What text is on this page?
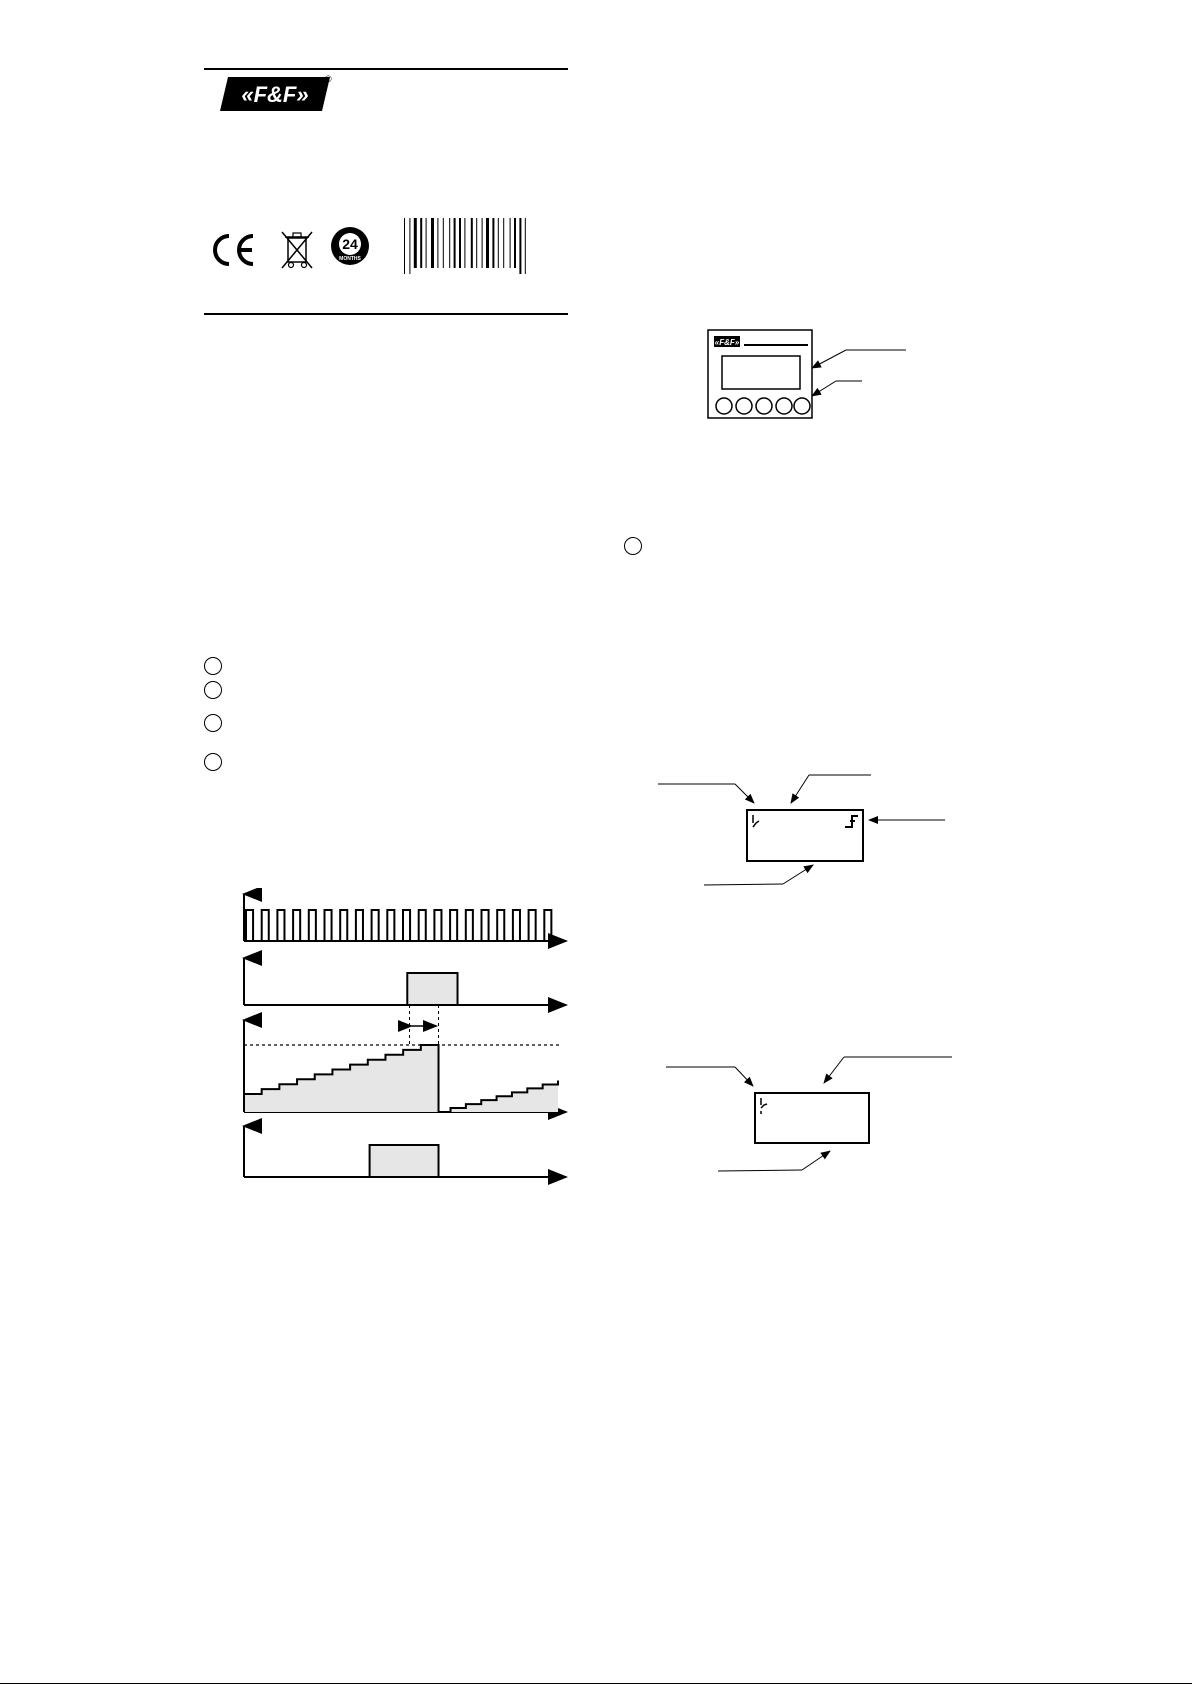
«F&F»
®
24
MONTHS
«F&F»
